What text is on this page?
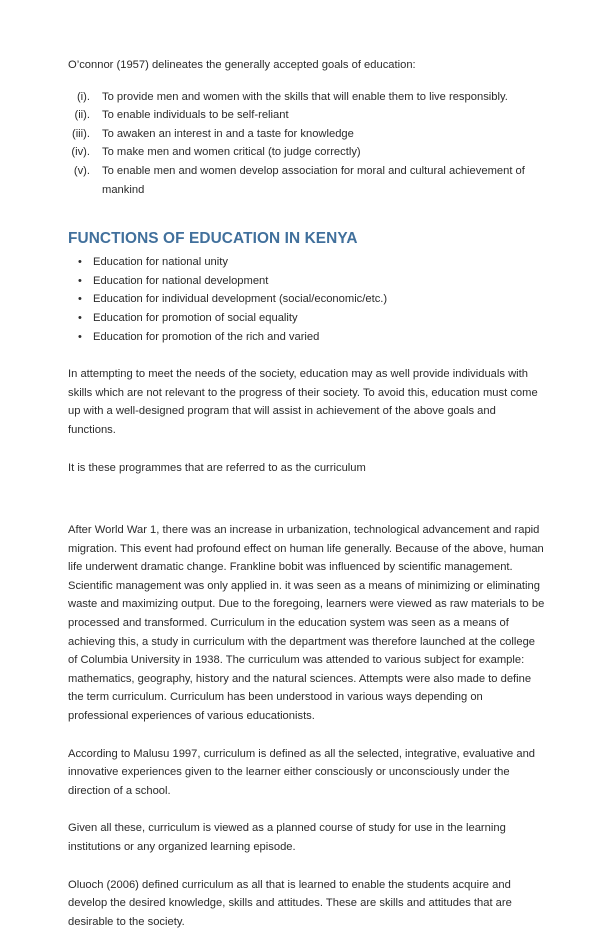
O’connor (1957) delineates the generally accepted goals of education:

(i).	To provide men and women with the skills that will enable them to live responsibly.
(ii).	To enable individuals to be self-reliant
(iii).	To awaken an interest in and a taste for knowledge
(iv).	To make men and women critical (to judge correctly)
(v).	To enable men and women develop association for moral and cultural achievement of mankind
FUNCTIONS OF EDUCATION IN KENYA
• Education for national unity
• Education for national development
• Education for individual development (social/economic/etc.)
• Education for promotion of social equality
• Education for promotion of the rich and varied

In attempting to meet the needs of the society, education may as well provide individuals with skills which are not relevant to the progress of their society. To avoid this, education must come up with a well-designed program that will assist in achievement of the above goals and functions.

It is these programmes that are referred to as the curriculum

After World War 1, there was an increase in urbanization, technological advancement and rapid migration. This event had profound effect on human life generally. Because of the above, human life underwent dramatic change. Frankline bobit was influenced by scientific management. Scientific management was only applied in. it was seen as a means of minimizing or eliminating waste and maximizing output. Due to the foregoing, learners were viewed as raw materials to be processed and transformed. Curriculum in the education system was seen as a means of achieving this, a study in curriculum with the department was therefore launched at the college of Columbia University in 1938. The curriculum was attended to various subject for example: mathematics, geography, history and the natural sciences. Attempts were also made to define the term curriculum. Curriculum has been understood in various ways depending on professional experiences of various educationists.

According to Malusu 1997, curriculum is defined as all the selected, integrative, evaluative and innovative experiences given to the learner either consciously or unconsciously under the direction of a school.

Given all these, curriculum is viewed as a planned course of study for use in the learning institutions or any organized learning episode.

Oluoch (2006) defined curriculum as all that is learned to enable the students acquire and develop the desired knowledge, skills and attitudes. These are skills and attitudes that are desirable to the society.
